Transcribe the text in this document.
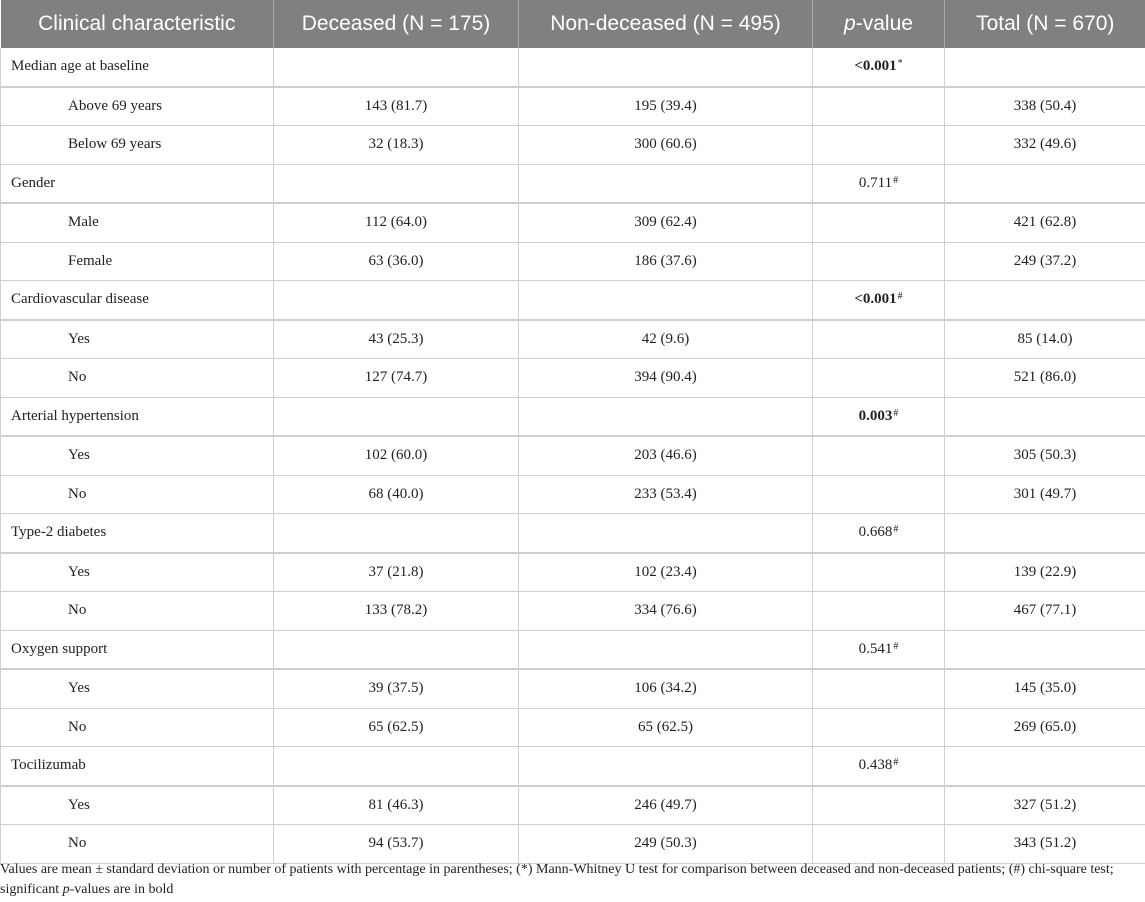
Clinical characteristic	Deceased (N = 175)	Non-deceased (N = 495)	p-value	Total (N = 670)
Median age at baseline			<0.001*	
Above 69 years	143 (81.7)	195 (39.4)		338 (50.4)
Below 69 years	32 (18.3)	300 (60.6)		332 (49.6)
Gender			0.711#	
Male	112 (64.0)	309 (62.4)		421 (62.8)
Female	63 (36.0)	186 (37.6)		249 (37.2)
Cardiovascular disease			<0.001#	
Yes	43 (25.3)	42 (9.6)		85 (14.0)
No	127 (74.7)	394 (90.4)		521 (86.0)
Arterial hypertension			0.003#	
Yes	102 (60.0)	203 (46.6)		305 (50.3)
No	68 (40.0)	233 (53.4)		301 (49.7)
Type-2 diabetes			0.668#	
Yes	37 (21.8)	102 (23.4)		139 (22.9)
No	133 (78.2)	334 (76.6)		467 (77.1)
Oxygen support			0.541#	
Yes	39 (37.5)	106 (34.2)		145 (35.0)
No	65 (62.5)	65 (62.5)		269 (65.0)
Tocilizumab			0.438#	
Yes	81 (46.3)	246 (49.7)		327 (51.2)
No	94 (53.7)	249 (50.3)		343 (51.2)
Values are mean ± standard deviation or number of patients with percentage in parentheses; (*) Mann-Whitney U test for comparison between deceased and non-deceased patients; (#) chi-square test; significant p-values are in bold
